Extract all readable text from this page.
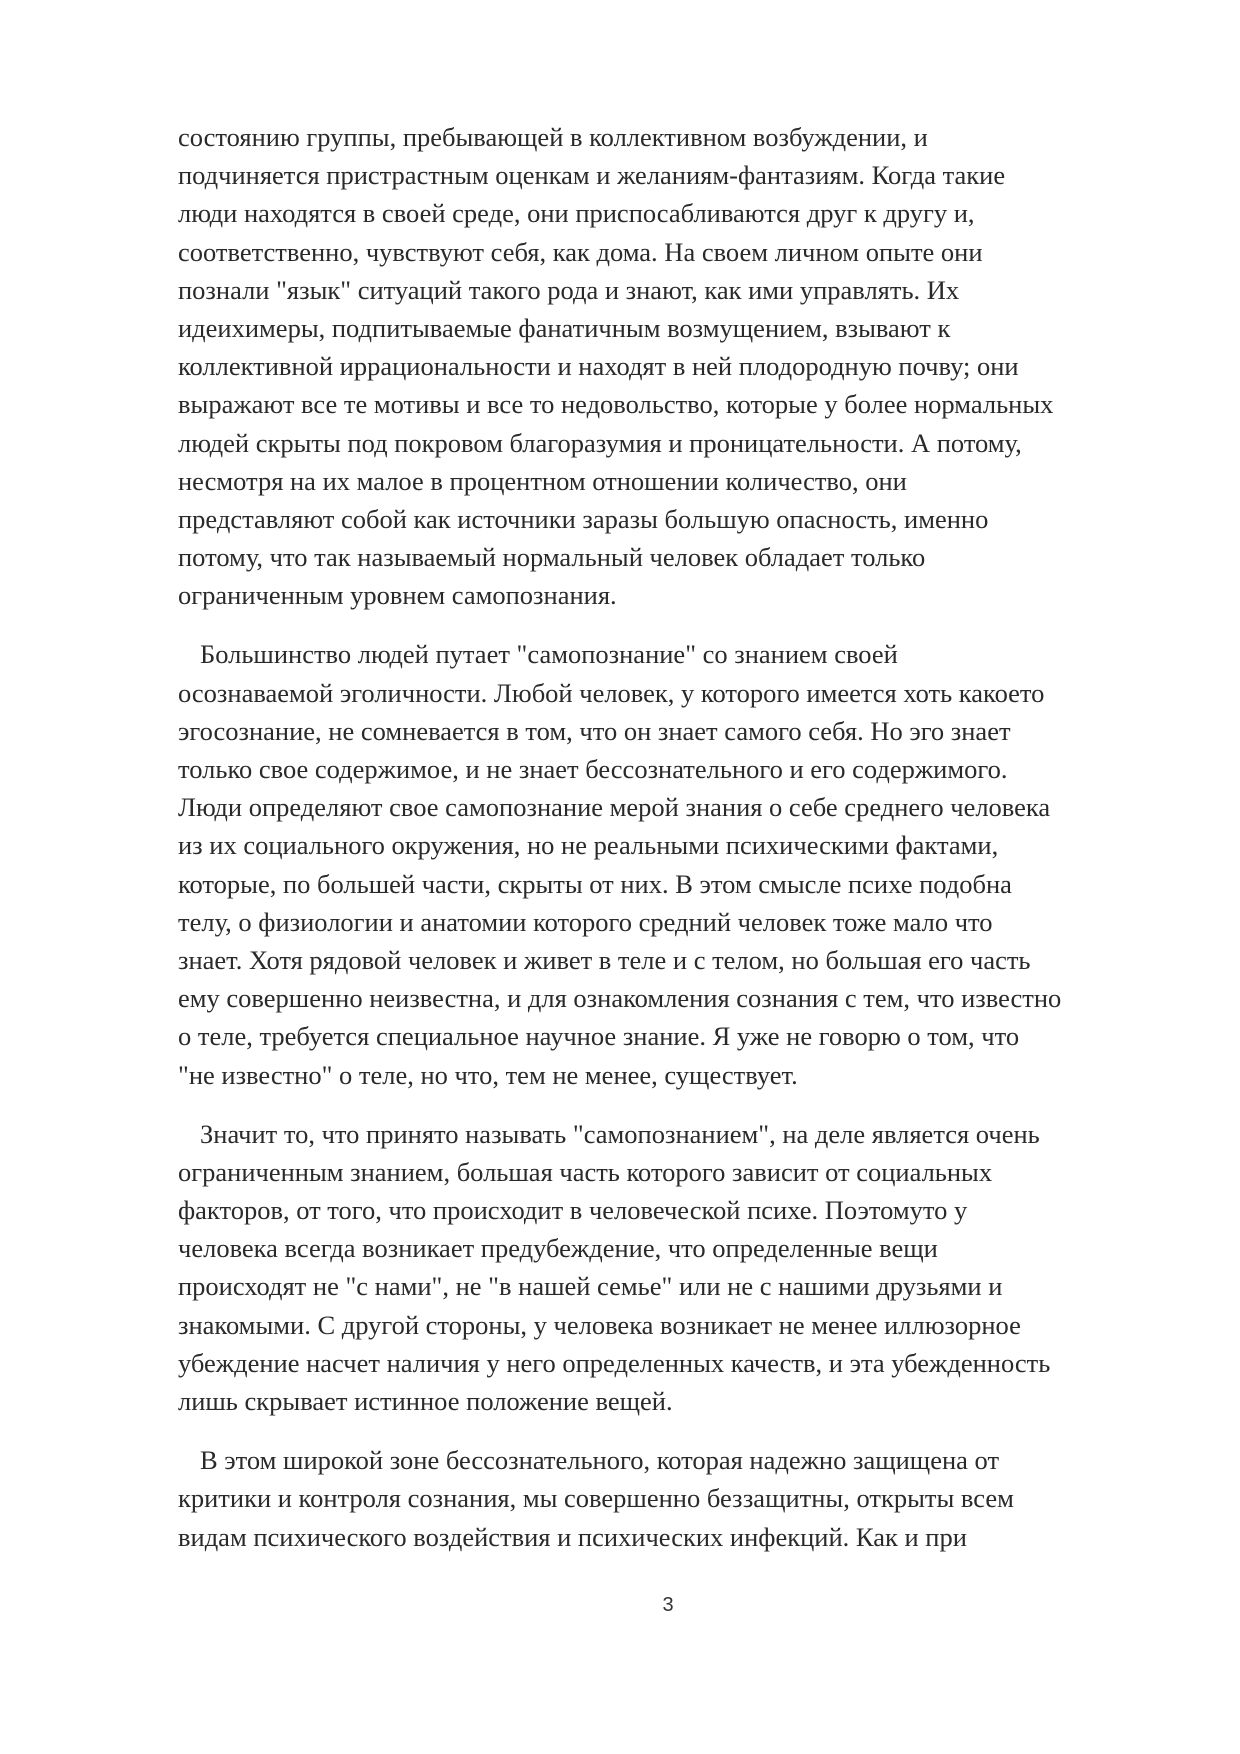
состоянию группы, пребывающей в коллективном возбуждении, и
подчиняется пристрастным оценкам и желаниям-фантазиям. Когда такие
люди находятся в своей среде, они приспосабливаются друг к другу и,
соответственно, чувствуют себя, как дома. На своем личном опыте они
познали "язык" ситуаций такого рода и знают, как ими управлять. Их
идеихимеры, подпитываемые фанатичным возмущением, взывают к
коллективной иррациональности и находят в ней плодородную почву; они
выражают все те мотивы и все то недовольство, которые у более нормальных
людей скрыты под покровом благоразумия и проницательности. А потому,
несмотря на их малое в процентном отношении количество, они
представляют собой как источники заразы большую опасность, именно
потому, что так называемый нормальный человек обладает только
ограниченным уровнем самопознания.
Большинство людей путает "самопознание" со знанием своей
осознаваемой эголичности. Любой человек, у которого имеется хоть какоето
эгосознание, не сомневается в том, что он знает самого себя. Но эго знает
только свое содержимое, и не знает бессознательного и его содержимого.
Люди определяют свое самопознание мерой знания о себе среднего человека
из их социального окружения, но не реальными психическими фактами,
которые, по большей части, скрыты от них. В этом смысле психе подобна
телу, о физиологии и анатомии которого средний человек тоже мало что
знает. Хотя рядовой человек и живет в теле и с телом, но большая его часть
ему совершенно неизвестна, и для ознакомления сознания с тем, что известно
о теле, требуется специальное научное знание. Я уже не говорю о том, что
"не известно" о теле, но что, тем не менее, существует.
Значит то, что принято называть "самопознанием", на деле является очень
ограниченным знанием, большая часть которого зависит от социальных
факторов, от того, что происходит в человеческой психе. Поэтомуто у
человека всегда возникает предубеждение, что определенные вещи
происходят не "с нами", не "в нашей семье" или не с нашими друзьями и
знакомыми. С другой стороны, у человека возникает не менее иллюзорное
убеждение насчет наличия у него определенных качеств, и эта убежденность
лишь скрывает истинное положение вещей.
В этом широкой зоне бессознательного, которая надежно защищена от
критики и контроля сознания, мы совершенно беззащитны, открыты всем
видам психического воздействия и психических инфекций. Как и при
3
